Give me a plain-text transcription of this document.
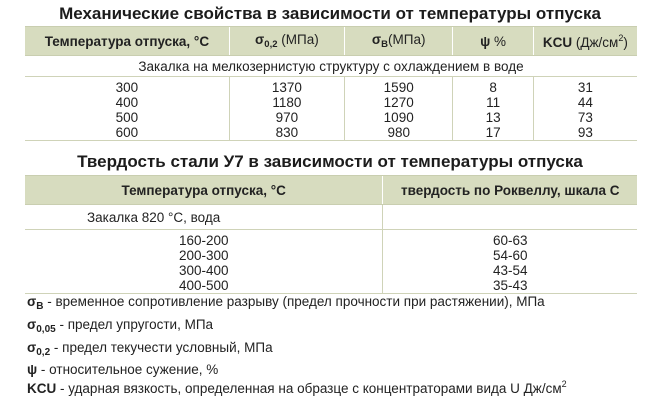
Механические свойства в зависимости от температуры отпуска
Температура отпуска, °С	$\sigma_{0,2}$ (МПа)	$\sigma_B(МПа)$	ψ %	KCU $(Дж/см^2)$
Закалка на мелкозернистую структуру с охлаждением в воде				
300	1370	1590	8	31
400	1180	1270	11	44
500	970	1090	13	73
600	830	980	17	93
Твердость стали У7 в зависимости от температуры отпуска
Температура отпуска, °С	твердость по Роквеллу, шкала С
Закалка 820 °С, вода	
160-200	60-63
200-300	54-60
300-400	43-54
400-500	35-43
$\sigma_B$ - временное сопротивление разрыву (предел прочности при растяжении), МПа
$\sigma_{0,05}$ - предел упругости, МПа
$\sigma_{0,2}$ - предел текучести условный, МПа
ψ - относительное сужение, %
KCU - ударная вязкость, определенная на образце с концентраторами вида U $Дж/см^2$
